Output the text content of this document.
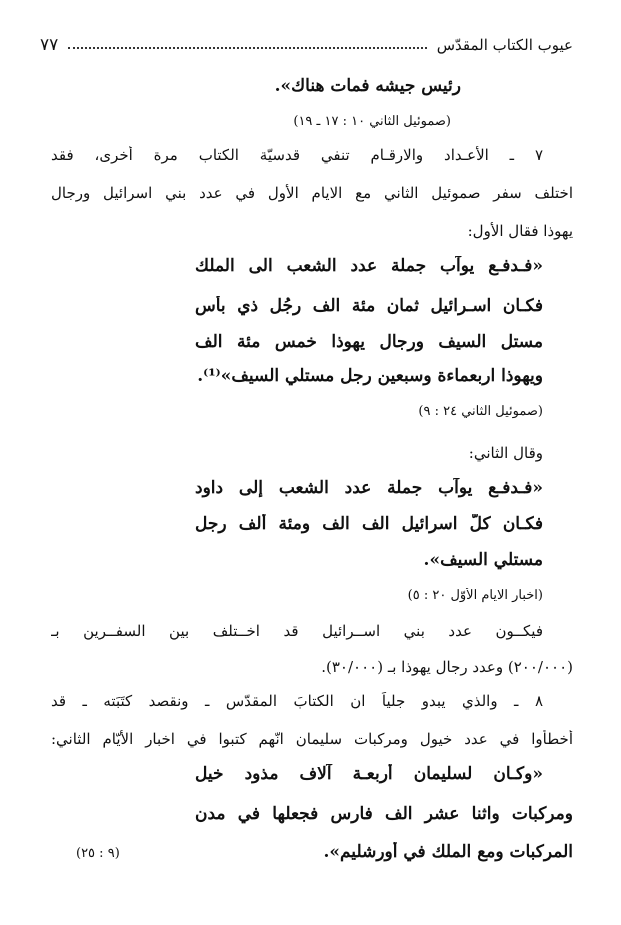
عيوب الكتاب المقدّس
٧٧
رئيس جيشه فمات هناك».
(صموئيل الثاني ١٠ : ١٧ ـ ١٩)
٧ ـ الأعـداد والارقـام تنفي قدسيّة الكتاب مرة أُخرى، فقد
اختلف سفر صموئيل الثاني مع الايام الأُول في عدد بني اسرائيل ورجال
يهوذا فقال الأول:
«فـدفـع يوآب جملة عدد الشعب الى الملك
فكـان اسـرائيل ثمان مئة الف رجُل ذي بأس
مستل السيف ورجال يهوذا خمس مئة الف
ويهوذا اربعماءة وسبعين رجل مستلي السيف»⁽¹⁾.
(صموئيل الثاني ٢٤ : ٩)
وقال الثاني:
«فـدفـع يوآب جملة عدد الشعب إلى داود
فكـان كلّ اسرائيل الف الف ومئة ألف رجل
مستلي السيف».
(اخبار الايام الأوّل ٢٠ : ٥)
فيكــون عدد بني اســرائيل قد اخــتلف بين السفــرين بـ
(٢٠٠/٠٠٠) وعدد رجال يهوذا بـ (٣٠/٠٠٠).
٨ ـ والذي يبدو جلياً ان الكتابَ المقدّس ـ ونقصد كتَبَته ـ قد
أخطأوا في عدد خيول ومركبات سليمان انّهم كتبوا في اخبار الأيّام الثاني:
«وكـان لسليمان أربعـة آلاف مذود خيل
ومركبات واثنا عشر الف فارس فجعلها في مدن
المركبات ومع الملك في أورشليم».
(٩ : ٢٥)
